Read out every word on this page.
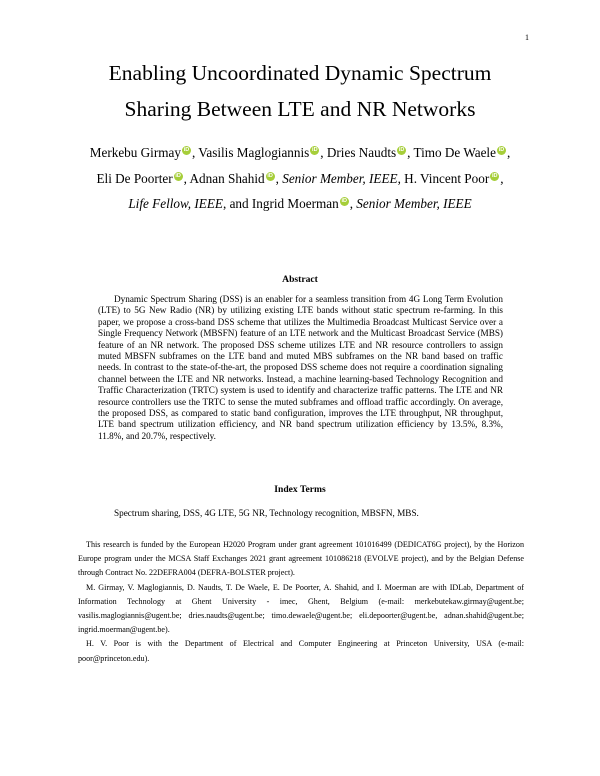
1
Enabling Uncoordinated Dynamic Spectrum
Sharing Between LTE and NR Networks
Merkebu Girmay iD , Vasilis Maglogiannis iD , Dries Naudts iD , Timo De Waele iD ,
Eli De Poorter iD , Adnan Shahid iD , Senior Member, IEEE, H. Vincent Poor iD ,
Life Fellow, IEEE, and Ingrid Moerman iD , Senior Member, IEEE
Abstract
Dynamic Spectrum Sharing (DSS) is an enabler for a seamless transition from 4G Long Term Evolution (LTE) to 5G New Radio (NR) by utilizing existing LTE bands without static spectrum re-farming. In this paper, we propose a cross-band DSS scheme that utilizes the Multimedia Broadcast Multicast Service over a Single Frequency Network (MBSFN) feature of an LTE network and the Multicast Broadcast Service (MBS) feature of an NR network. The proposed DSS scheme utilizes LTE and NR resource controllers to assign muted MBSFN subframes on the LTE band and muted MBS subframes on the NR band based on traffic needs. In contrast to the state-of-the-art, the proposed DSS scheme does not require a coordination signaling channel between the LTE and NR networks. Instead, a machine learning-based Technology Recognition and Traffic Characterization (TRTC) system is used to identify and characterize traffic patterns. The LTE and NR resource controllers use the TRTC to sense the muted subframes and offload traffic accordingly. On average, the proposed DSS, as compared to static band configuration, improves the LTE throughput, NR throughput, LTE band spectrum utilization efficiency, and NR band spectrum utilization efficiency by 13.5%, 8.3%, 11.8%, and 20.7%, respectively.
Index Terms
Spectrum sharing, DSS, 4G LTE, 5G NR, Technology recognition, MBSFN, MBS.

This research is funded by the European H2020 Program under grant agreement 101016499 (DEDICAT6G project), by the Horizon Europe program under the MCSA Staff Exchanges 2021 grant agreement 101086218 (EVOLVE project), and by the Belgian Defense through Contract No. 22DEFRA004 (DEFRA-BOLSTER project).

M. Girmay, V. Maglogiannis, D. Naudts, T. De Waele, E. De Poorter, A. Shahid, and I. Moerman are with IDLab, Department of Information Technology at Ghent University - imec, Ghent, Belgium (e-mail: merkebutekaw.girmay@ugent.be; vasilis.maglogiannis@ugent.be; dries.naudts@ugent.be; timo.dewaele@ugent.be; eli.depoorter@ugent.be, adnan.shahid@ugent.be; ingrid.moerman@ugent.be).

H. V. Poor is with the Department of Electrical and Computer Engineering at Princeton University, USA (e-mail: poor@princeton.edu).
